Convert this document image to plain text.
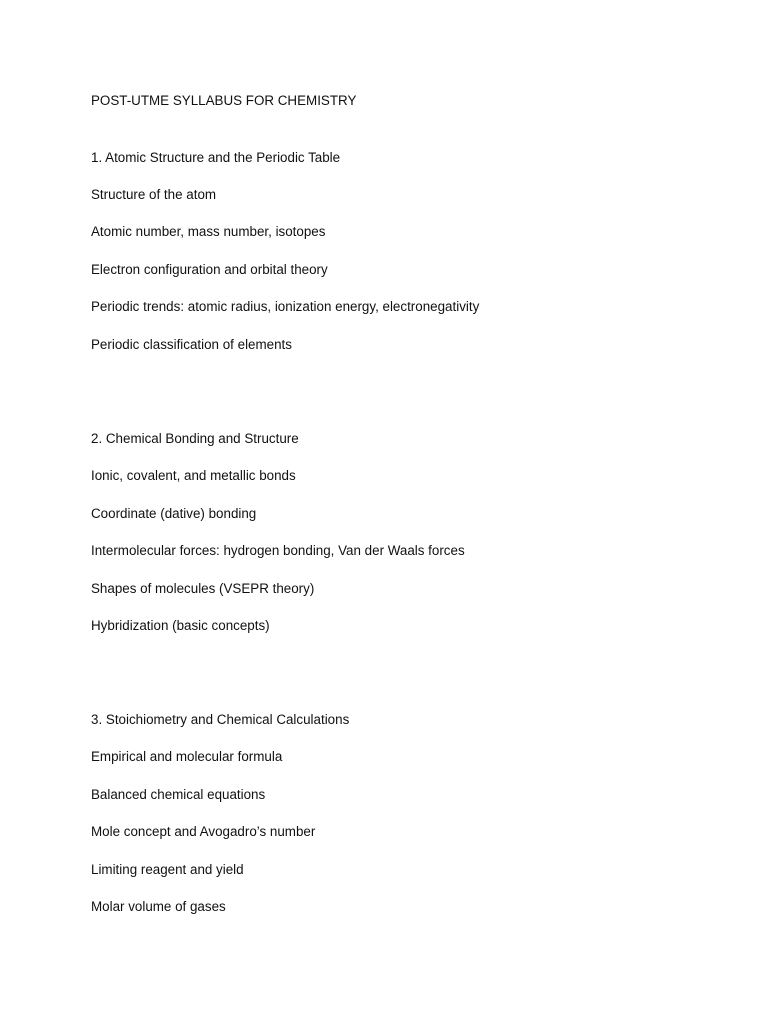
POST-UTME SYLLABUS FOR CHEMISTRY
1. Atomic Structure and the Periodic Table

Structure of the atom

Atomic number, mass number, isotopes

Electron configuration and orbital theory

Periodic trends: atomic radius, ionization energy, electronegativity

Periodic classification of elements

2. Chemical Bonding and Structure

Ionic, covalent, and metallic bonds

Coordinate (dative) bonding

Intermolecular forces: hydrogen bonding, Van der Waals forces

Shapes of molecules (VSEPR theory)

Hybridization (basic concepts)

3. Stoichiometry and Chemical Calculations

Empirical and molecular formula

Balanced chemical equations

Mole concept and Avogadro’s number

Limiting reagent and yield

Molar volume of gases
